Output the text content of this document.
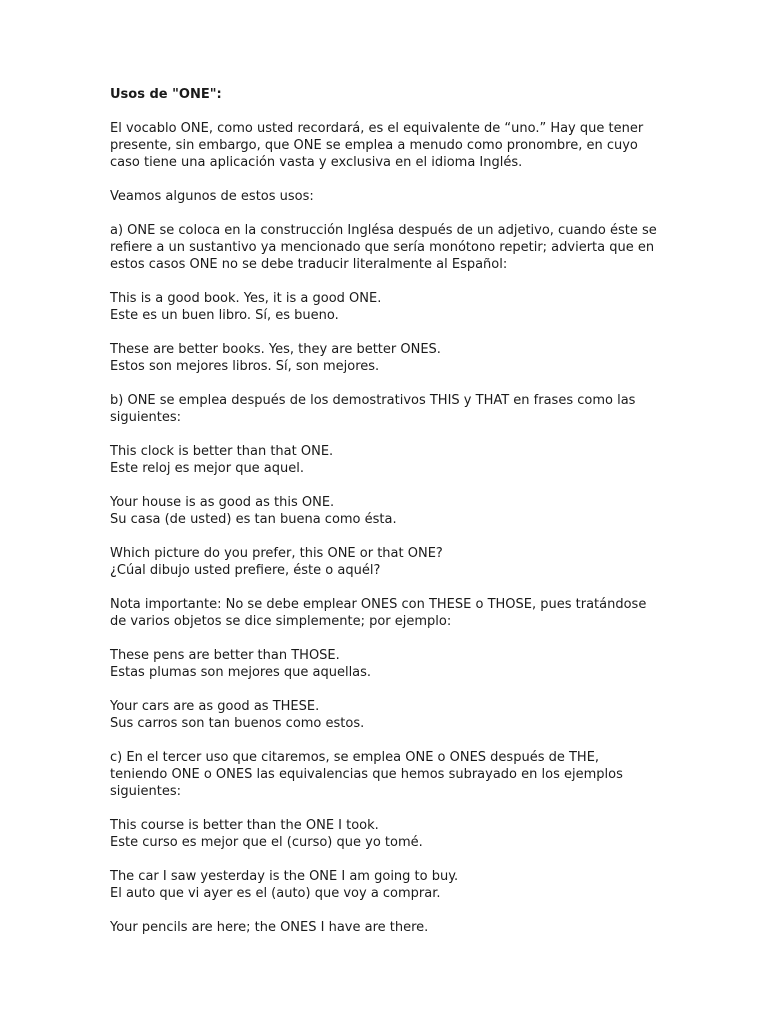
Usos de "ONE":
El vocablo ONE, como usted recordará, es el equivalente de “uno.” Hay que tener
presente, sin embargo, que ONE se emplea a menudo como pronombre, en cuyo
caso tiene una aplicación vasta y exclusiva en el idioma Inglés.
Veamos algunos de estos usos:
a) ONE se coloca en la construcción Inglésa después de un adjetivo, cuando éste se
refiere a un sustantivo ya mencionado que sería monótono repetir; advierta que en
estos casos ONE no se debe traducir literalmente al Español:
This is a good book. Yes, it is a good ONE.
Este es un buen libro. Sí, es bueno.
These are better books. Yes, they are better ONES.
Estos son mejores libros. Sí, son mejores.
b) ONE se emplea después de los demostrativos THIS y THAT en frases como las
siguientes:
This clock is better than that ONE.
Este reloj es mejor que aquel.
Your house is as good as this ONE.
Su casa (de usted) es tan buena como ésta.
Which picture do you prefer, this ONE or that ONE?
¿Cúal dibujo usted prefiere, éste o aquél?
Nota importante: No se debe emplear ONES con THESE o THOSE, pues tratándose
de varios objetos se dice simplemente; por ejemplo:
These pens are better than THOSE.
Estas plumas son mejores que aquellas.
Your cars are as good as THESE.
Sus carros son tan buenos como estos.
c) En el tercer uso que citaremos, se emplea ONE o ONES después de THE,
teniendo ONE o ONES las equivalencias que hemos subrayado en los ejemplos
siguientes:
This course is better than the ONE I took.
Este curso es mejor que el (curso) que yo tomé.
The car I saw yesterday is the ONE I am going to buy.
El auto que vi ayer es el (auto) que voy a comprar.
Your pencils are here; the ONES I have are there.
